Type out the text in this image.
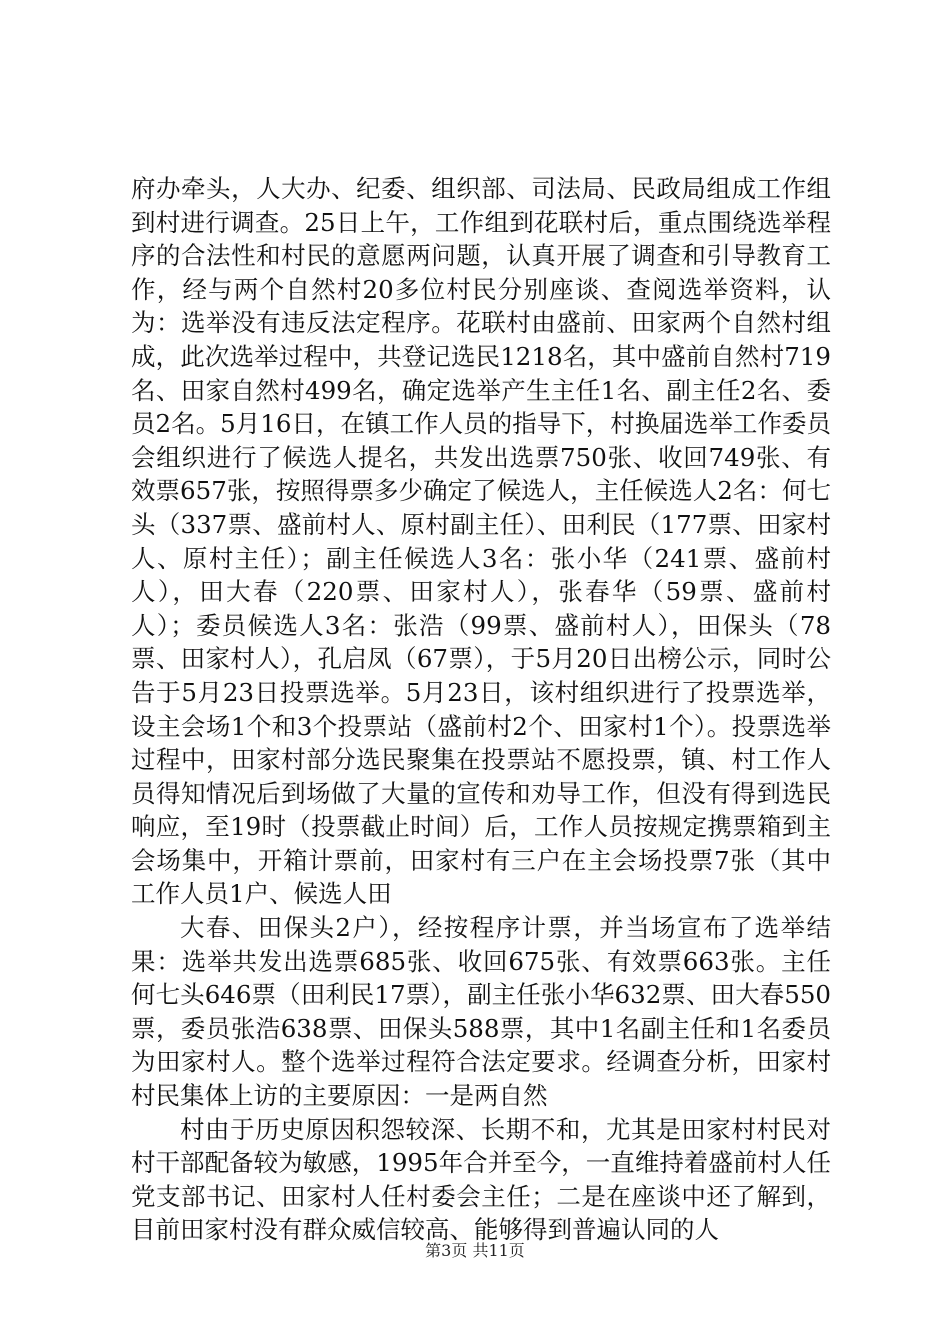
府办牵头，人大办、纪委、组织部、司法局、民政局组成工作组到村进行调查。25日上午，工作组到花联村后，重点围绕选举程序的合法性和村民的意愿两问题，认真开展了调查和引导教育工作，经与两个自然村20多位村民分别座谈、查阅选举资料，认为：选举没有违反法定程序。花联村由盛前、田家两个自然村组成，此次选举过程中，共登记选民1218名，其中盛前自然村719名、田家自然村499名，确定选举产生主任1名、副主任2名、委员2名。5月16日，在镇工作人员的指导下，村换届选举工作委员会组织进行了候选人提名，共发出选票750张、收回749张、有效票657张，按照得票多少确定了候选人，主任候选人2名：何七头（337票、盛前村人、原村副主任）、田利民（177票、田家村人、原村主任）；副主任候选人3名：张小华（241票、盛前村人），田大春（220票、田家村人），张春华（59票、盛前村人）；委员候选人3名：张浩（99票、盛前村人），田保头（78票、田家村人），孔启凤（67票），于5月20日出榜公示，同时公告于5月23日投票选举。5月23日，该村组织进行了投票选举，设主会场1个和3个投票站（盛前村2个、田家村1个）。投票选举过程中，田家村部分选民聚集在投票站不愿投票，镇、村工作人员得知情况后到场做了大量的宣传和劝导工作，但没有得到选民响应，至19时（投票截止时间）后，工作人员按规定携票箱到主会场集中，开箱计票前，田家村有三户在主会场投票7张（其中工作人员1户、候选人田

大春、田保头2户），经按程序计票，并当场宣布了选举结果：选举共发出选票685张、收回675张、有效票663张。主任何七头646票（田利民17票），副主任张小华632票、田大春550票，委员张浩638票、田保头588票，其中1名副主任和1名委员为田家村人。整个选举过程符合法定要求。经调查分析，田家村村民集体上访的主要原因：一是两自然

村由于历史原因积怨较深、长期不和，尤其是田家村村民对村干部配备较为敏感，1995年合并至今，一直维持着盛前村人任党支部书记、田家村人任村委会主任；二是在座谈中还了解到，目前田家村没有群众威信较高、能够得到普遍认同的人

第3页 共11页
